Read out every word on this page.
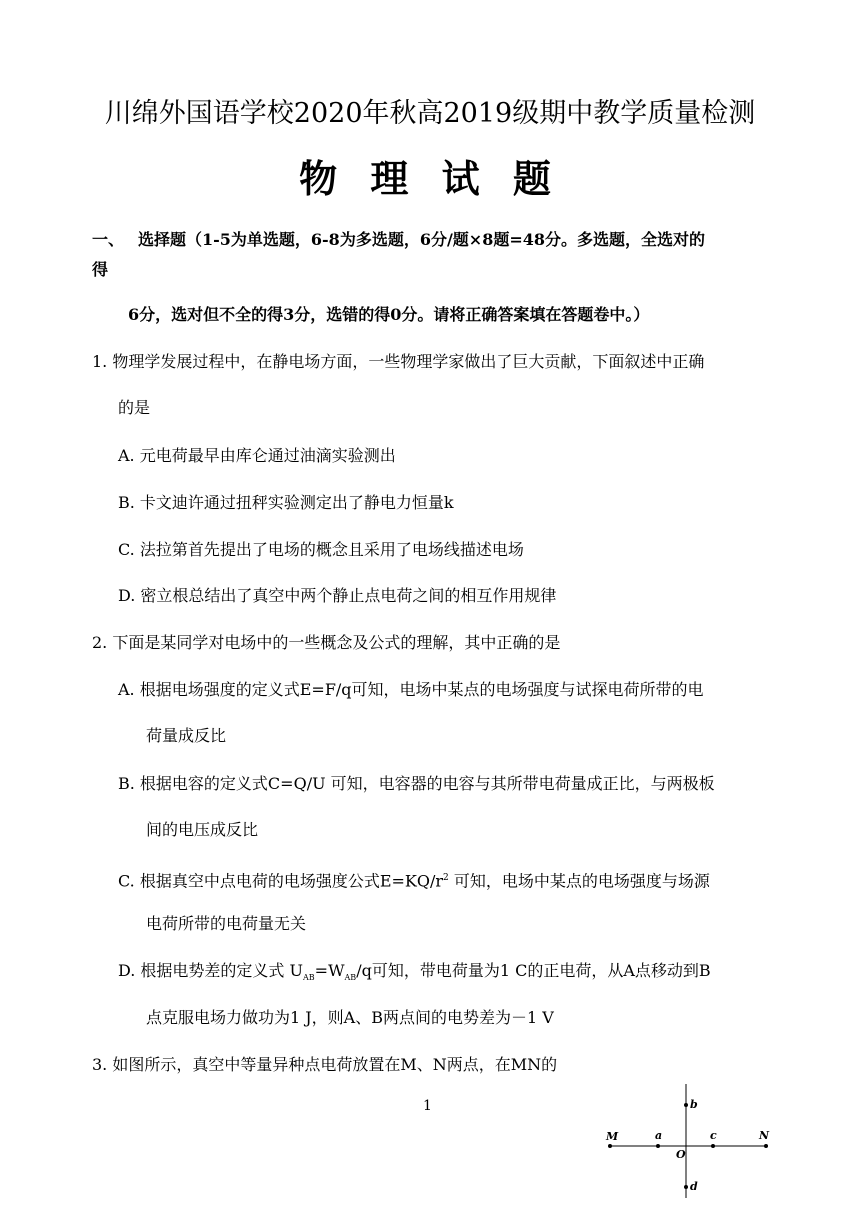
川绵外国语学校2020年秋高2019级期中教学质量检测
物 理 试 题
一、 选择题（1-5为单选题，6-8为多选题，6分/题×8题=48分。多选题，全选对的
得
6分，选对但不全的得3分，选错的得0分。请将正确答案填在答题卷中。）
1. 物理学发展过程中，在静电场方面，一些物理学家做出了巨大贡献，下面叙述中正确
的是
A. 元电荷最早由库仑通过油滴实验测出
B. 卡文迪许通过扭秤实验测定出了静电力恒量k
C. 法拉第首先提出了电场的概念且采用了电场线描述电场
D. 密立根总结出了真空中两个静止点电荷之间的相互作用规律
2. 下面是某同学对电场中的一些概念及公式的理解，其中正确的是
A. 根据电场强度的定义式E=F/q可知，电场中某点的电场强度与试探电荷所带的电
荷量成反比
B. 根据电容的定义式C=Q/U 可知，电容器的电容与其所带电荷量成正比，与两极板
间的电压成反比
C. 根据真空中点电荷的电场强度公式$E=KQ/r^2$ 可知，电场中某点的电场强度与场源
电荷所带的电荷量无关
D. 根据电势差的定义式 $U_{AB}=W_{AB}/q$可知，带电荷量为1 C的正电荷，从A点移动到B
点克服电场力做功为1 J，则A、B两点间的电势差为－1 V
3. 如图所示，真空中等量异种点电荷放置在M、N两点，在MN的
1
M	a	c	N
O
b
d
